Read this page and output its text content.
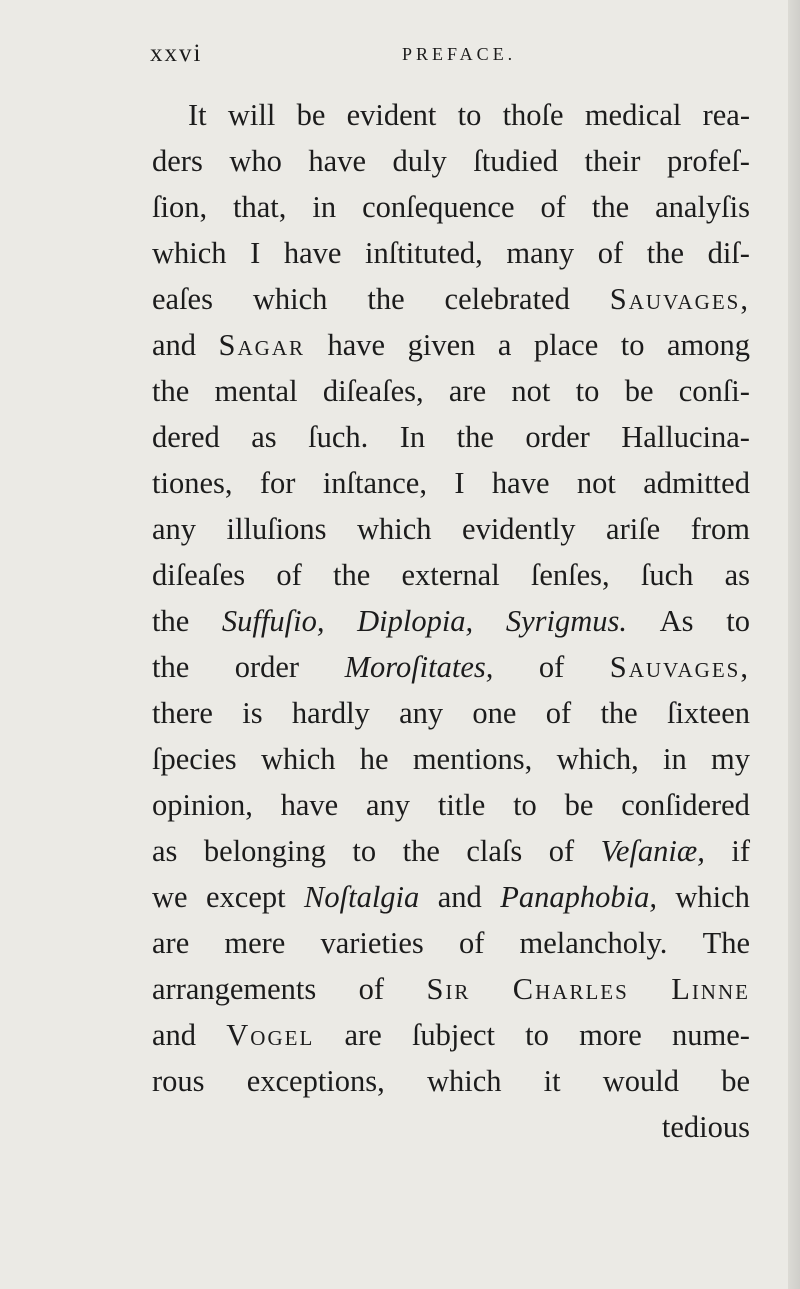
xxvi	PREFACE.
It will be evident to thoſe medical rea-
ders who have duly ſtudied their profeſ-
ſion, that, in conſequence of the analyſis
which I have inſtituted, many of the diſ-
eaſes which the celebrated Sauvages,
and Sagar have given a place to among
the mental diſeaſes, are not to be conſi-
dered as ſuch. In the order Hallucina-
tiones, for inſtance, I have not admitted
any illuſions which evidently ariſe from
diſeaſes of the external ſenſes, ſuch as
the Suffuſio, Diplopia, Syrigmus. As to
the order Moroſitates, of Sauvages,
there is hardly any one of the ſixteen
ſpecies which he mentions, which, in my
opinion, have any title to be conſidered
as belonging to the claſs of Veſaniæ, if
we except Noſtalgia and Panaphobia, which
are mere varieties of melancholy. The
arrangements of Sir Charles Linne
and Vogel are ſubject to more nume-
rous exceptions, which it would be
tedious
